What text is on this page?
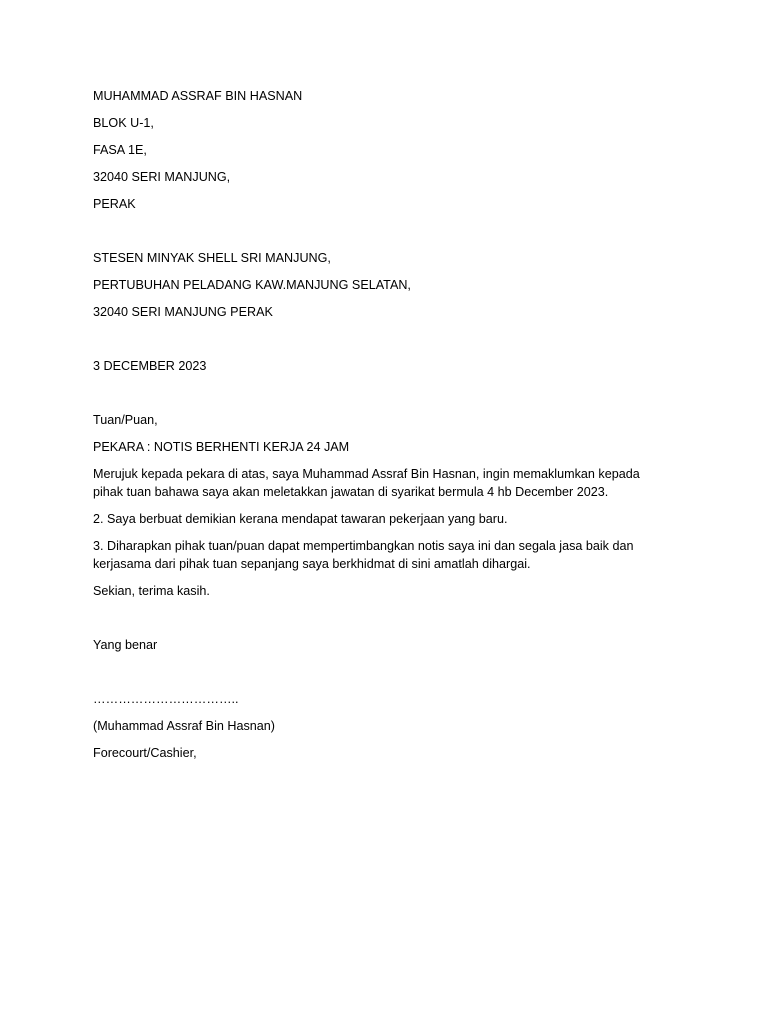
MUHAMMAD ASSRAF BIN HASNAN
BLOK U-1,
FASA 1E,
32040 SERI MANJUNG,
PERAK
STESEN MINYAK SHELL SRI MANJUNG,
PERTUBUHAN PELADANG KAW.MANJUNG SELATAN,
32040 SERI MANJUNG PERAK
3 DECEMBER 2023
Tuan/Puan,
PEKARA : NOTIS BERHENTI KERJA 24 JAM
Merujuk kepada pekara di atas, saya Muhammad Assraf Bin Hasnan, ingin memaklumkan kepada pihak tuan bahawa saya akan meletakkan jawatan di syarikat bermula 4 hb December 2023.
2. Saya berbuat demikian kerana mendapat tawaran pekerjaan yang baru.
3. Diharapkan pihak tuan/puan dapat mempertimbangkan notis saya ini dan segala jasa baik dan kerjasama dari pihak tuan sepanjang saya berkhidmat di sini amatlah dihargai.
Sekian, terima kasih.
Yang benar
……………………………..
(Muhammad Assraf Bin Hasnan)
Forecourt/Cashier,
